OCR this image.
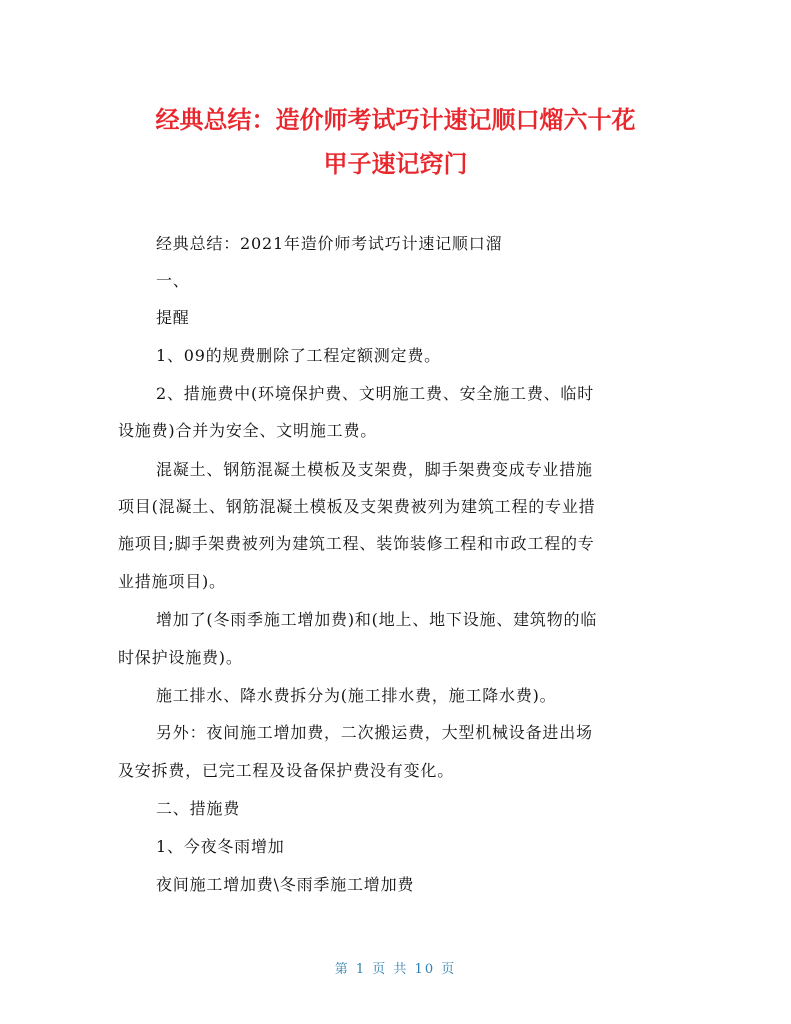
经典总结：造价师考试巧计速记顺口熘六十花
甲子速记窍门
经典总结：2021年造价师考试巧计速记顺口溜
一、
提醒
1、09的规费删除了工程定额测定费。
2、措施费中(环境保护费、文明施工费、安全施工费、临时
设施费)合并为安全、文明施工费。
混凝土、钢筋混凝土模板及支架费，脚手架费变成专业措施
项目(混凝土、钢筋混凝土模板及支架费被列为建筑工程的专业措
施项目;脚手架费被列为建筑工程、装饰装修工程和市政工程的专
业措施项目)。
增加了(冬雨季施工增加费)和(地上、地下设施、建筑物的临
时保护设施费)。
施工排水、降水费拆分为(施工排水费，施工降水费)。
另外：夜间施工增加费，二次搬运费，大型机械设备进出场
及安拆费，已完工程及设备保护费没有变化。
二、措施费
1、今夜冬雨增加
夜间施工增加费\冬雨季施工增加费
第 1 页 共 10 页
